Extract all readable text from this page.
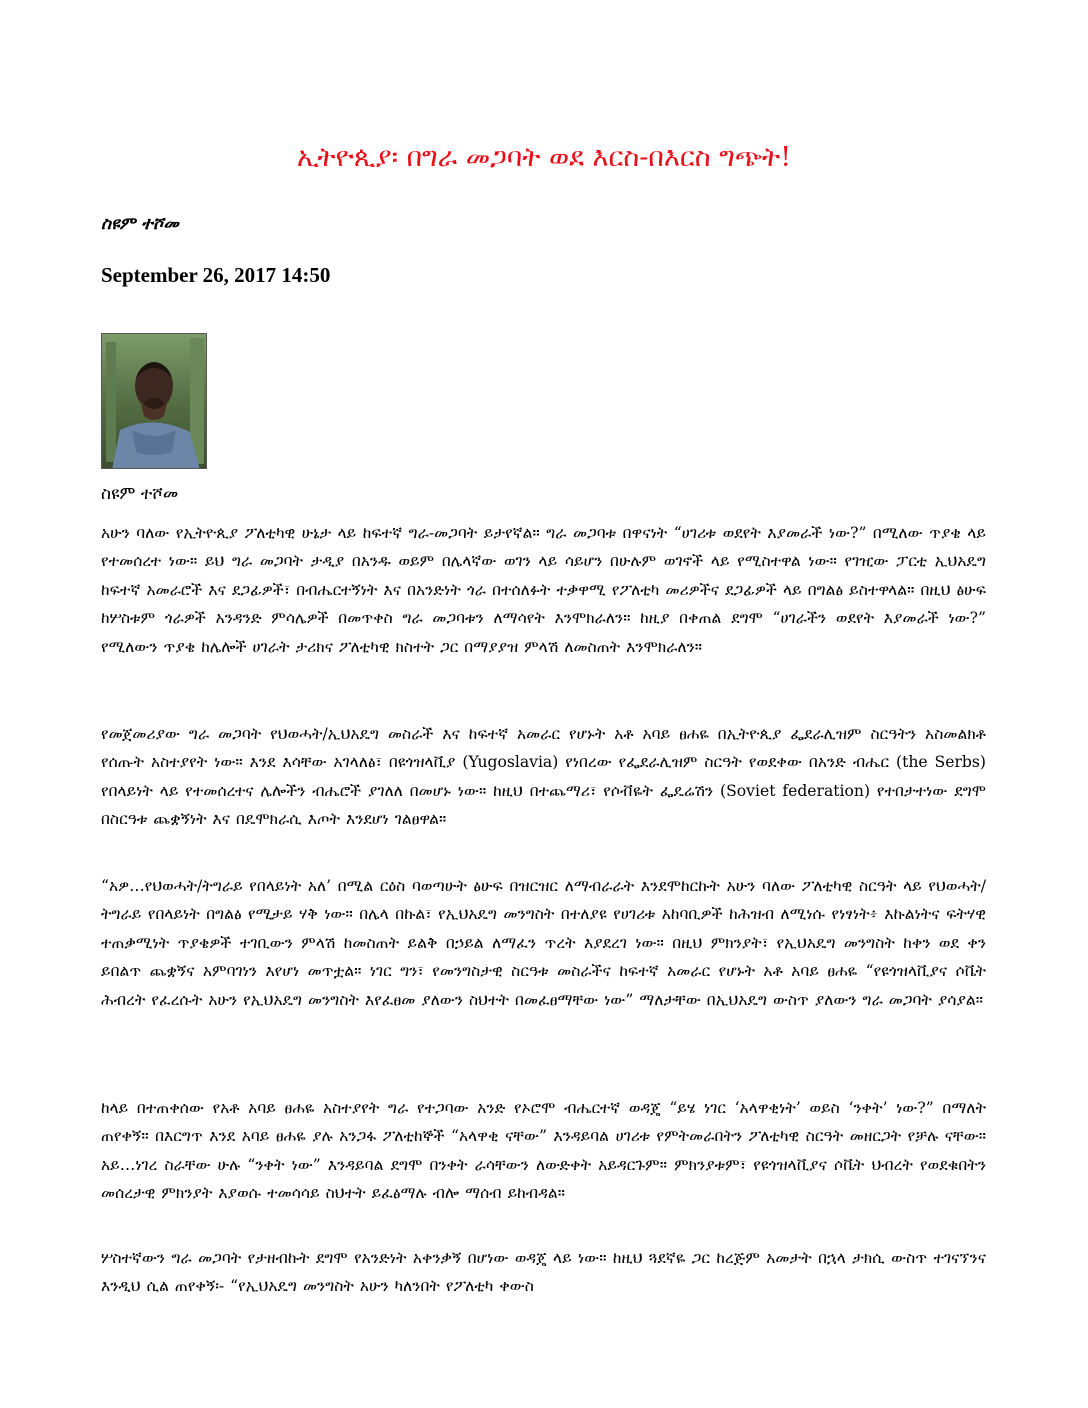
ኢትዮጲያ፡ በግራ መጋባት ወደ እርስ-በእርስ ግጭት!

ስዩም ተሾመ

September 26, 2017 14:50

ስዩም ተሾመ

አሁን ባለው የኢትዮጲያ ፖለቲካዊ ሁኔታ ላይ ከፍተኛ ግራ-መጋባት ይታየኛል። ግራ መጋባቱ በዋናነት “ሀገሪቱ ወደየት እያመራች ነው?” በሚለው ጥያቄ ላይ የተመሰረተ ነው። ይህ ግራ መጋባት ታዲያ በአንዱ ወይም በሌላኛው ወገን ላይ ሳይሆን በሁሉም ወገኖች ላይ የሚስተዋል ነው። የገዢው ፓርቲ ኢህአዴግ ከፍተኛ አመራሮች እና ደጋፊዎች፣ በብሔርተኝነት እና በአንድነት ጎራ በተሰለፉት ተቃዋሚ የፖለቲካ መሪዎችና ደጋፊዎች ላይ በግልፅ ይስተዋላል። በዚህ ፅሁፍ ከሦስቱም ጎራዎች አንዳንድ ምሳሌዎች በመጥቀስ ግራ መጋባቱን ለማሳየት እንሞክራለን። ከዚያ በቀጠል ደግሞ “ሀገራችን ወደየት እያመራች ነው?” የሚለውን ጥያቄ ከሌሎች ሀገራት ታሪክና ፖለቲካዊ ክስተት ጋር በማያያዝ ምላሽ ለመስጠት እንሞክራለን።

የመጀመሪያው ግራ መጋባት የህወሓት/ኢህአዴግ መስራች እና ከፍተኛ አመራር የሆኑት አቶ አባይ ፀሐዬ በኢትዮጲያ ፌደራሊዝም ስርዓትን አስመልክቶ የሰጡት አስተያየት ነው። እንደ እሳቸው አገላለፅ፣ በዩጎዝላቪያ (Yugoslavia) የነበረው የፌደራሊዝም ስርዓት የወደቀው በአንድ ብሔር (the Serbs) የበላይነት ላይ የተመሰረተና ሌሎችን ብሔሮች ያገለለ በመሆኑ ነው። ከዚህ በተጨማሪ፣ የሶቭዬት ፌዴሬሽን (Soviet federation) የተበታተነው ደግሞ በስርዓቱ ጨቋኝነት እና በዴሞክራሲ እጦት እንደሆነ ገልፀዋል።

“አዎ…የህወሓት/ትግራይ የበላይነት አለ’ በሚል ርዕስ ባወጣሁት ፅሁፍ በዝርዝር ለማብራራት እንደሞከርኩት አሁን ባለው ፖለቲካዊ ስርዓት ላይ የህወሓት/ትግራይ የበላይነት በግልፅ የሚታይ ሃቅ ነው። በሌላ በኩል፣ የኢህአዴግ መንግስት በተለያዩ የሀገሪቱ አከባቢዎች ከሕዝብ ለሚነሱ የነፃነት፥ እኩልነትና ፍትሃዊ ተጠቃሚነት ጥያቄዎች ተገቢውን ምላሽ ከመስጠት ይልቅ በኃይል ለማፈን ጥረት እያደረገ ነው። በዚህ ምክንያት፣ የኢህአዴግ መንግስት ከቀን ወደ ቀን ይበልጥ ጨቋኝና አምባገነን እየሆነ መጥቷል። ነገር ግን፣ የመንግስታዊ ስርዓቱ መስራችና ከፍተኛ አመራር የሆኑት አቶ አባይ ፀሐዬ “የዩጎዝላቪያና ሶቬት ሕብረት የፈረሱት አሁን የኢህአዴግ መንግስት እየፈፀመ ያለውን ስህተት በመፈፀማቸው ነው” ማለታቸው በኢህአዴግ ውስጥ ያለውን ግራ መጋባት ያሳያል።

ከላይ በተጠቀሰው የአቶ አባይ ፀሐዬ አስተያየት ግራ የተጋባው አንድ የኦሮሞ ብሔርተኛ ወዳጄ “ይሄ ነገር ‘አላዋቂነት’ ወይስ ‘ንቀት’ ነው?” በማለት ጠየቀኝ። በእርግጥ እንደ አባይ ፀሐዬ ያሉ አንጋፋ ፖለቲከኞች “አላዋቂ ናቸው” እንዳይባል ሀገሪቱ የምትመራበትን ፖለቲካዊ ስርዓት መዘርጋት የቻሉ ናቸው። አይ…ነገረ ስራቸው ሁሉ “ንቀት ነው” እንዳይባል ደግሞ በንቀት ራሳቸውን ለውድቀት አይዳርጉም። ምክንያቱም፣ የዩጎዝላቪያና ሶቬት ህብረት የወደቁበትን መሰረታዊ ምክንያት እያወሱ ተመሳሳይ ስህተት ይፈፅማሉ ብሎ ማሰብ ይከብዳል።

ሦስተኛውን ግራ መጋባት የታዘብኩት ደግሞ የአንድነት አቀንቃኝ በሆነው ወዳጄ ላይ ነው። ከዚህ ጓደኛዬ ጋር ከረጅም አመታት በኋላ ታክሲ ውስጥ ተገናኘንና እንዲህ ሲል ጠየቀኝ፡- “የኢህአዴግ መንግስት አሁን ካለንበት የፖለቲካ ቀውስ
